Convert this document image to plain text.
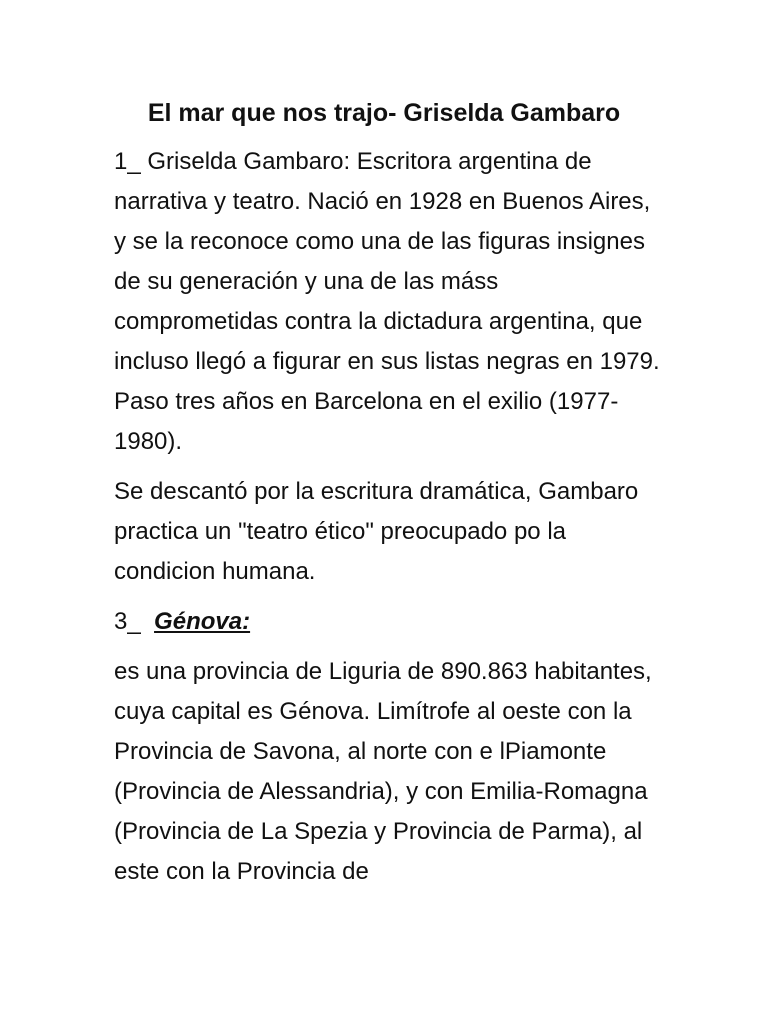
El mar que nos trajo- Griselda Gambaro

1_ Griselda Gambaro: Escritora argentina de narrativa y teatro. Nació en 1928 en Buenos Aires, y se la reconoce como una de las figuras insignes de su generación y una de las máss comprometidas contra la dictadura argentina, que incluso llegó a figurar en sus listas negras en 1979. Paso tres años en Barcelona en el exilio (1977-1980).

Se descantó por la escritura dramática, Gambaro practica un "teatro ético" preocupado po la condicion humana.

3_ Génova:

es una provincia de Liguria de 890.863 habitantes, cuya capital es Génova. Limítrofe al oeste con la Provincia de Savona, al norte con e lPiamonte (Provincia de Alessandria), y con Emilia-Romagna (Provincia de La Spezia y Provincia de Parma), al este con la Provincia de
